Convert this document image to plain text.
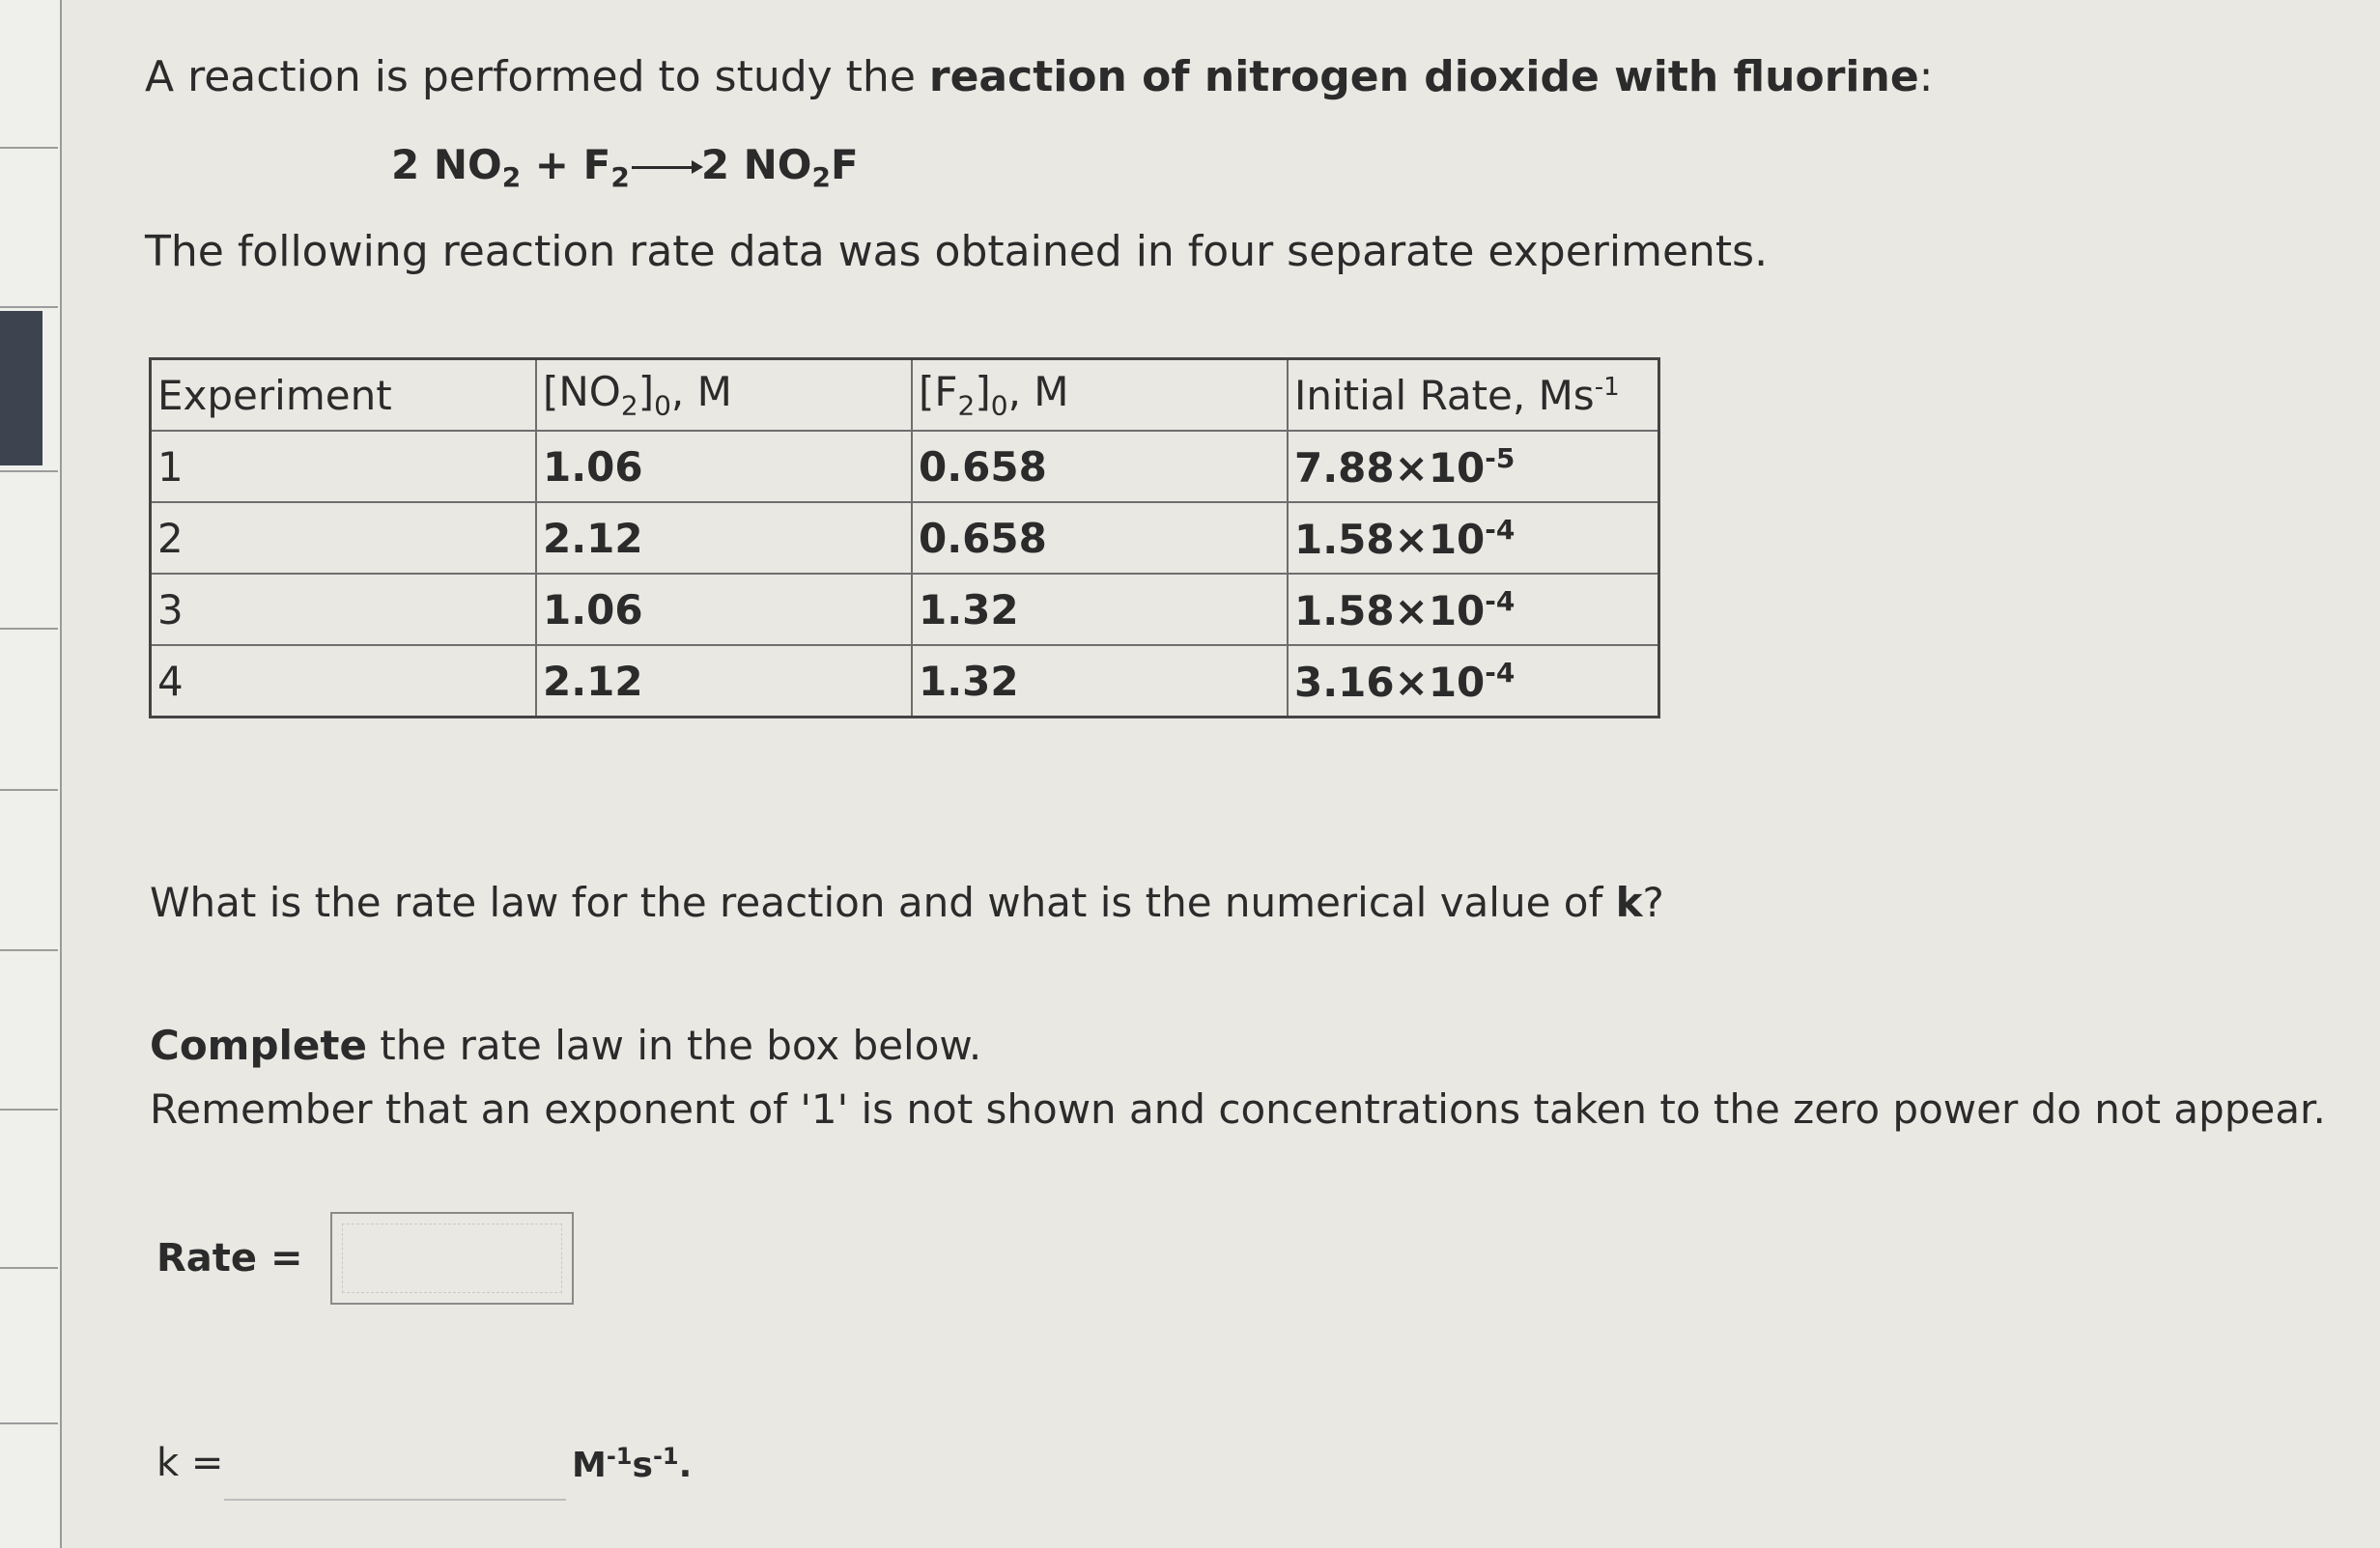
A reaction is performed to study the reaction of nitrogen dioxide with fluorine:

2 $NO_2 + F_2$ 2 $NO_2F$
The following reaction rate data was obtained in four separate experiments.
Experiment	$[NO_2]_0$, M	$[F_2]_0$, M	Initial Rate, $Ms^{-1}$
1	1.06	0.658	$7.88\times 10^{-5}$
2	2.12	0.658	$1.58\times 10^{-4}$
3	1.06	1.32	$1.58\times 10^{-4}$
4	2.12	1.32	$3.16\times 10^{-4}$
What is the rate law for the reaction and what is the numerical value of k?
Complete the rate law in the box below.
Remember that an exponent of '1' is not shown and concentrations taken to the zero power do not appear.
Rate =
k =	$M^{-1}s^{-1}$.
